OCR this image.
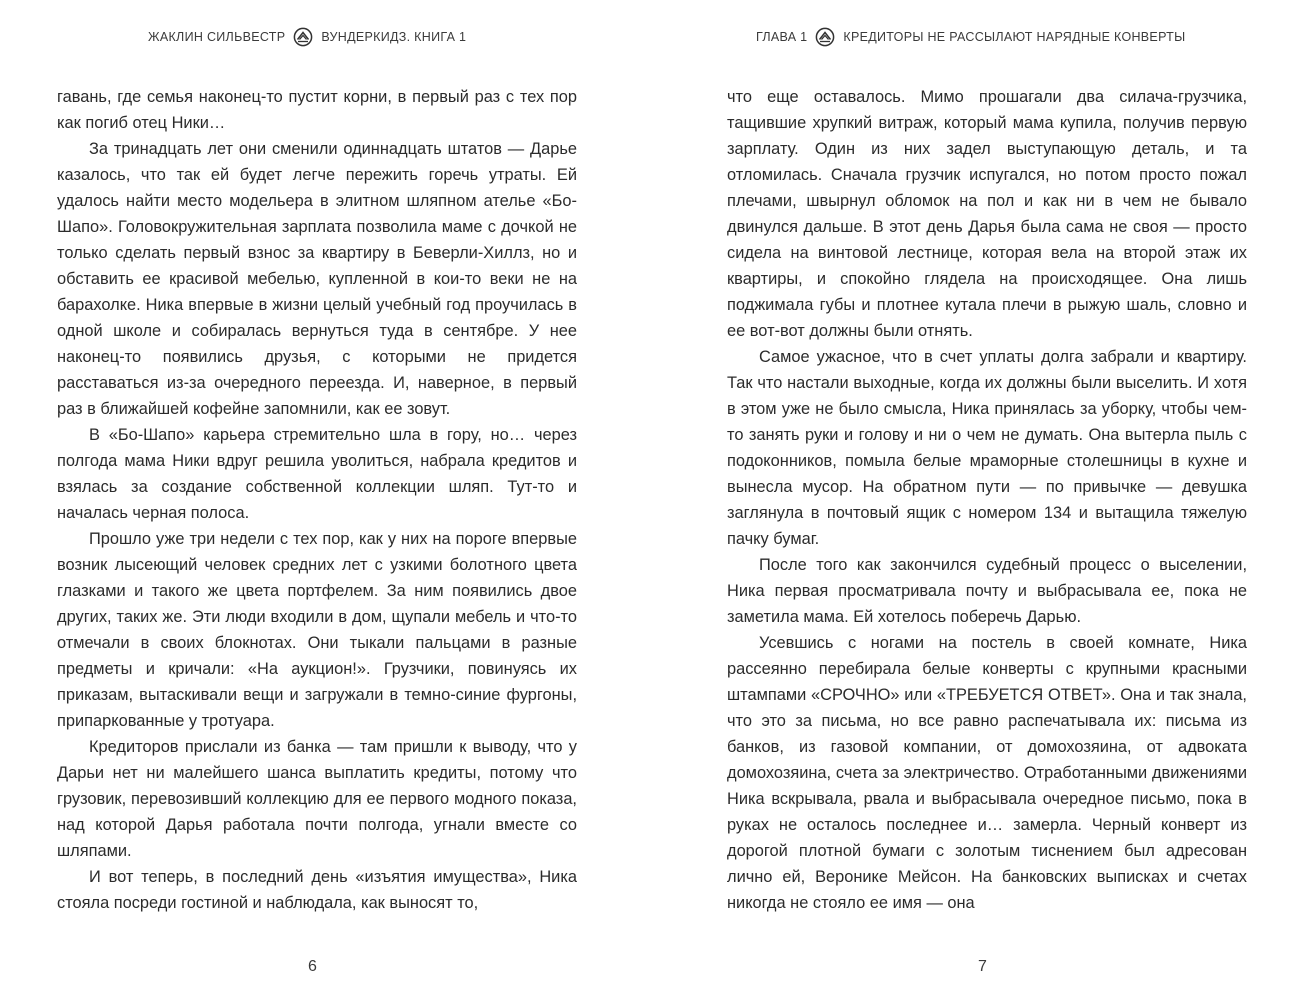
ЖАКЛИН СИЛЬВЕСТР	ВУНДЕРКИДЗ. КНИГА 1

гавань, где семья наконец-то пустит корни, в первый раз с тех пор как погиб отец Ники…

За тринадцать лет они сменили одиннадцать штатов — Дарье казалось, что так ей будет легче пережить горечь утраты. Ей удалось найти место модельера в элитном шляпном ателье «Бо-Шапо». Головокружительная зарплата позволила маме с дочкой не только сделать первый взнос за квартиру в Беверли-Хиллз, но и обставить ее красивой мебелью, купленной в кои-то веки не на барахолке. Ника впервые в жизни целый учебный год проучилась в одной школе и собиралась вернуться туда в сентябре. У нее наконец-то появились друзья, с которыми не придется расставаться из-за очередного переезда. И, наверное, в первый раз в ближайшей кофейне запомнили, как ее зовут.

В «Бо-Шапо» карьера стремительно шла в гору, но… через полгода мама Ники вдруг решила уволиться, набрала кредитов и взялась за создание собственной коллекции шляп. Тут-то и началась черная полоса.

Прошло уже три недели с тех пор, как у них на пороге впервые возник лысеющий человек средних лет с узкими болотного цвета глазками и такого же цвета портфелем. За ним появились двое других, таких же. Эти люди входили в дом, щупали мебель и что-то отмечали в своих блокнотах. Они тыкали пальцами в разные предметы и кричали: «На аукцион!». Грузчики, повинуясь их приказам, вытаскивали вещи и загружали в темно-синие фургоны, припаркованные у тротуара.

Кредиторов прислали из банка — там пришли к выводу, что у Дарьи нет ни малейшего шанса выплатить кредиты, потому что грузовик, перевозивший коллекцию для ее первого модного показа, над которой Дарья работала почти полгода, угнали вместе со шляпами.

И вот теперь, в последний день «изъятия имущества», Ника стояла посреди гостиной и наблюдала, как выносят то,

6
ГЛАВА 1	КРЕДИТОРЫ НЕ РАССЫЛАЮТ НАРЯДНЫЕ КОНВЕРТЫ

что еще оставалось. Мимо прошагали два силача-грузчика, тащившие хрупкий витраж, который мама купила, получив первую зарплату. Один из них задел выступающую деталь, и та отломилась. Сначала грузчик испугался, но потом просто пожал плечами, швырнул обломок на пол и как ни в чем не бывало двинулся дальше. В этот день Дарья была сама не своя — просто сидела на винтовой лестнице, которая вела на второй этаж их квартиры, и спокойно глядела на происходящее. Она лишь поджимала губы и плотнее кутала плечи в рыжую шаль, словно и ее вот-вот должны были отнять.

Самое ужасное, что в счет уплаты долга забрали и квартиру. Так что настали выходные, когда их должны были выселить. И хотя в этом уже не было смысла, Ника принялась за уборку, чтобы чем-то занять руки и голову и ни о чем не думать. Она вытерла пыль с подоконников, помыла белые мраморные столешницы в кухне и вынесла мусор. На обратном пути — по привычке — девушка заглянула в почтовый ящик с номером 134 и вытащила тяжелую пачку бумаг.

После того как закончился судебный процесс о выселении, Ника первая просматривала почту и выбрасывала ее, пока не заметила мама. Ей хотелось поберечь Дарью.

Усевшись с ногами на постель в своей комнате, Ника рассеянно перебирала белые конверты с крупными красными штампами «СРОЧНО» или «ТРЕБУЕТСЯ ОТВЕТ». Она и так знала, что это за письма, но все равно распечатывала их: письма из банков, из газовой компании, от домохозяина, от адвоката домохозяина, счета за электричество. Отработанными движениями Ника вскрывала, рвала и выбрасывала очередное письмо, пока в руках не осталось последнее и… замерла. Черный конверт из дорогой плотной бумаги с золотым тиснением был адресован лично ей, Веронике Мейсон. На банковских выписках и счетах никогда не стояло ее имя — она

7
